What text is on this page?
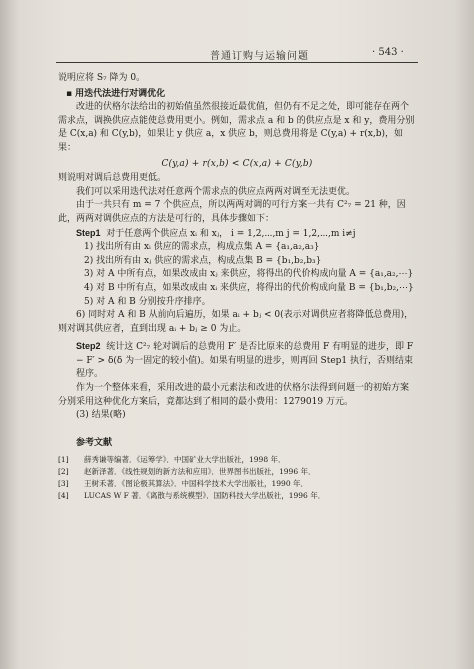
普通订购与运输问题	· 543 ·

说明应将 S₇ 降为 0。

▪ 用迭代法进行对调优化

改进的伏格尔法给出的初始值虽然很接近最优值，但仍有不足之处，即可能存在两个需求点，调换供应点能使总费用更小。例如，需求点 a 和 b 的供应点是 x 和 y，费用分别是 C(x,a) 和 C(y,b)，如果让 y 供应 a，x 供应 b，则总费用将是 C(y,a) + r(x,b)，如果：

C(y,a) + r(x,b) < C(x,a) + C(y,b)

则说明对调后总费用更低。

我们可以采用迭代法对任意两个需求点的供应点两两对调至无法更优。

由于一共只有 m = 7 个供应点，所以两两对调的可行方案一共有 C²₇ = 21 种，因此，两两对调供应点的方法是可行的，具体步骤如下：

Step1 对于任意两个供应点 xᵢ 和 xⱼ， i = 1,2,⋯,m j = 1,2,⋯,m i≠j

1) 找出所有由 xᵢ 供应的需求点，构成点集 A = {a₁,a₂,a₃}

2) 找出所有由 xⱼ 供应的需求点，构成点集 B = {b₁,b₂,b₃}

3) 对 A 中所有点，如果改成由 xⱼ 来供应，将得出的代价构成向量 A = {a₁,a₂,⋯}

4) 对 B 中所有点，如果改成由 xᵢ 来供应，将得出的代价构成向量 B = {b₁,b₂,⋯}

5) 对 A 和 B 分别按升序排序。

6) 同时对 A 和 B 从前向后遍历，如果 aᵢ + bⱼ < 0(表示对调供应者将降低总费用)，则对调其供应者，直到出现 aᵢ + bⱼ ≥ 0 为止。

Step2 统计这 C²₇ 轮对调后的总费用 F′ 是否比原来的总费用 F 有明显的进步，即 F − F′ > δ(δ 为一固定的较小值)。如果有明显的进步，则再回 Step1 执行，否则结束程序。

作为一个整体来看，采用改进的最小元素法和改进的伏格尔法得到问题一的初始方案分别采用这种优化方案后，竟都达到了相同的最小费用：1279019 万元。

(3) 结果(略)

参考文献

[1]	薛秀谦等编著．《运筹学》．中国矿业大学出版社，1998 年．
[2]	赵新泽著．《线性规划的新方法和应用》．世界图书出版社，1996 年．
[3]	王树禾著．《图论极其算法》．中国科学技术大学出版社，1990 年．
[4]	LUCAS W F 著．《离散与系统模型》．国防科技大学出版社，1996 年．
